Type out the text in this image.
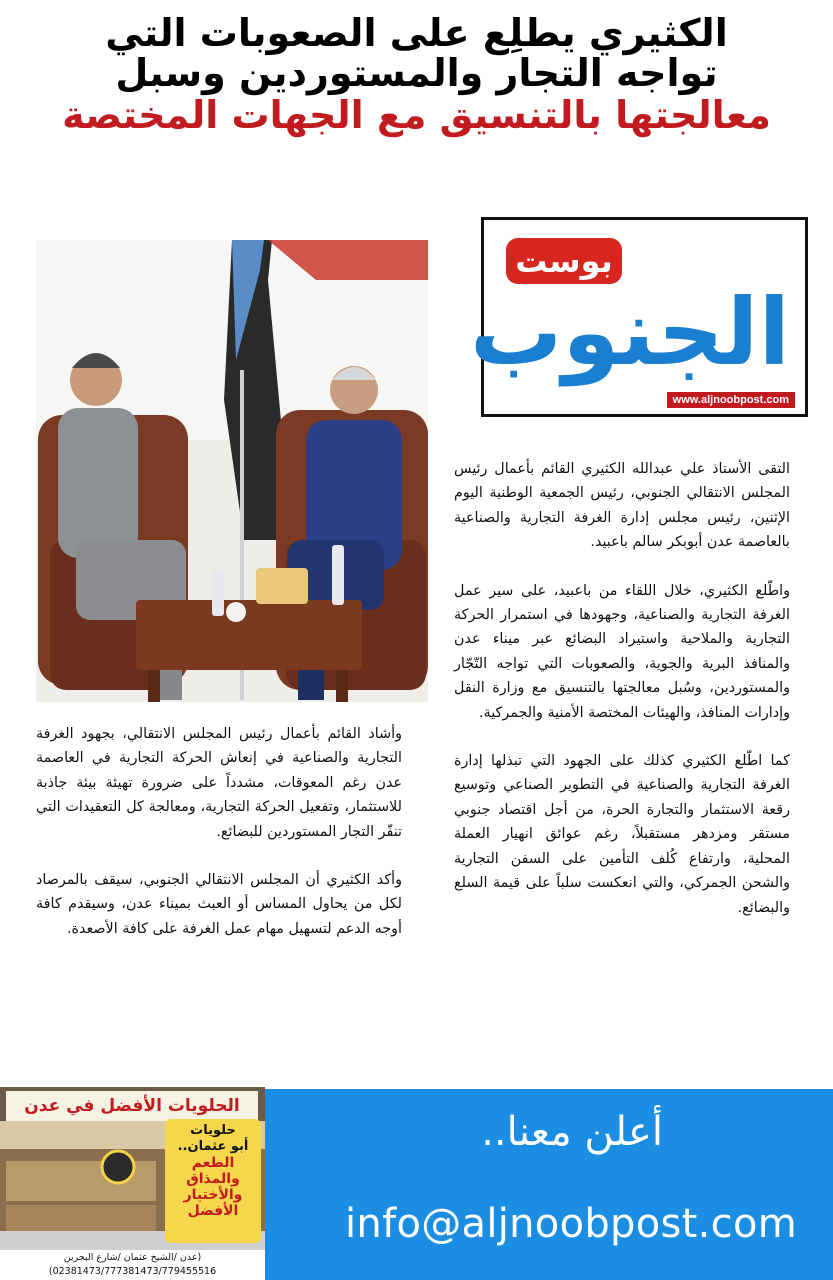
الكثيري يطلِع على الصعوبات التي
تواجه التجار والمستوردين وسبل
معالجتها بالتنسيق مع الجهات المختصة
بوست
الجنوب
www.aljnoobpost.com

التقى الأستاذ علي عبدالله الكثيري القائم بأعمال رئيس المجلس الانتقالي الجنوبي، رئيس الجمعية الوطنية اليوم الإثنين، رئيس مجلس إدارة الغرفة التجارية والصناعية بالعاصمة عدن أبوبكر سالم باعبيد.

واطّلع الكثيري، خلال اللقاء من باعبيد، على سير عمل الغرفة التجارية والصناعية، وجهودها في استمرار الحركة التجارية والملاحية واستيراد البضائع عبر ميناء عدن والمنافذ البرية والجوية، والصعوبات التي تواجه التّجّار والمستوردين، وسُبل معالجتها بالتنسيق مع وزارة النقل وإدارات المنافذ، والهيئات المختصة الأمنية والجمركية.

كما اطّلع الكثيري كذلك على الجهود التي تبذلها إدارة الغرفة التجارية والصناعية في التطوير الصناعي وتوسيع رقعة الاستثمار والتجارة الحرة، من أجل اقتصاد جنوبي مستقر ومزدهر مستقبلاً، رغم عوائق انهيار العملة المحلية، وارتفاع كُلف التأمين على السفن التجارية والشحن الجمركي، والتي انعكست سلباً على قيمة السلع والبضائع.

وأشاد القائم بأعمال رئيس المجلس الانتقالي، بجهود الغرفة التجارية والصناعية في إنعاش الحركة التجارية في العاصمة عدن رغم المعوقات، مشدداً على ضرورة تهيئة بيئة جاذبة للاستثمار، وتفعيل الحركة التجارية، ومعالجة كل التعقيدات التي تنفّر التجار المستوردين للبضائع.

وأكد الكثيري أن المجلس الانتقالي الجنوبي، سيقف بالمرصاد لكل من يحاول المساس أو العبث بميناء عدن، وسيقدم كافة أوجه الدعم لتسهيل مهام عمل الغرفة على كافة الأصعدة.

الحلويات الأفضل في عدن
حلويات
أبو عثمان..
الطعم
والمذاق
والأختيار
الأفضل
(عدن /الشيخ عثمان /شارع البحرين
02381473/777381473/779455516)
أعلن معنا..
info@aljnoobpost.com
